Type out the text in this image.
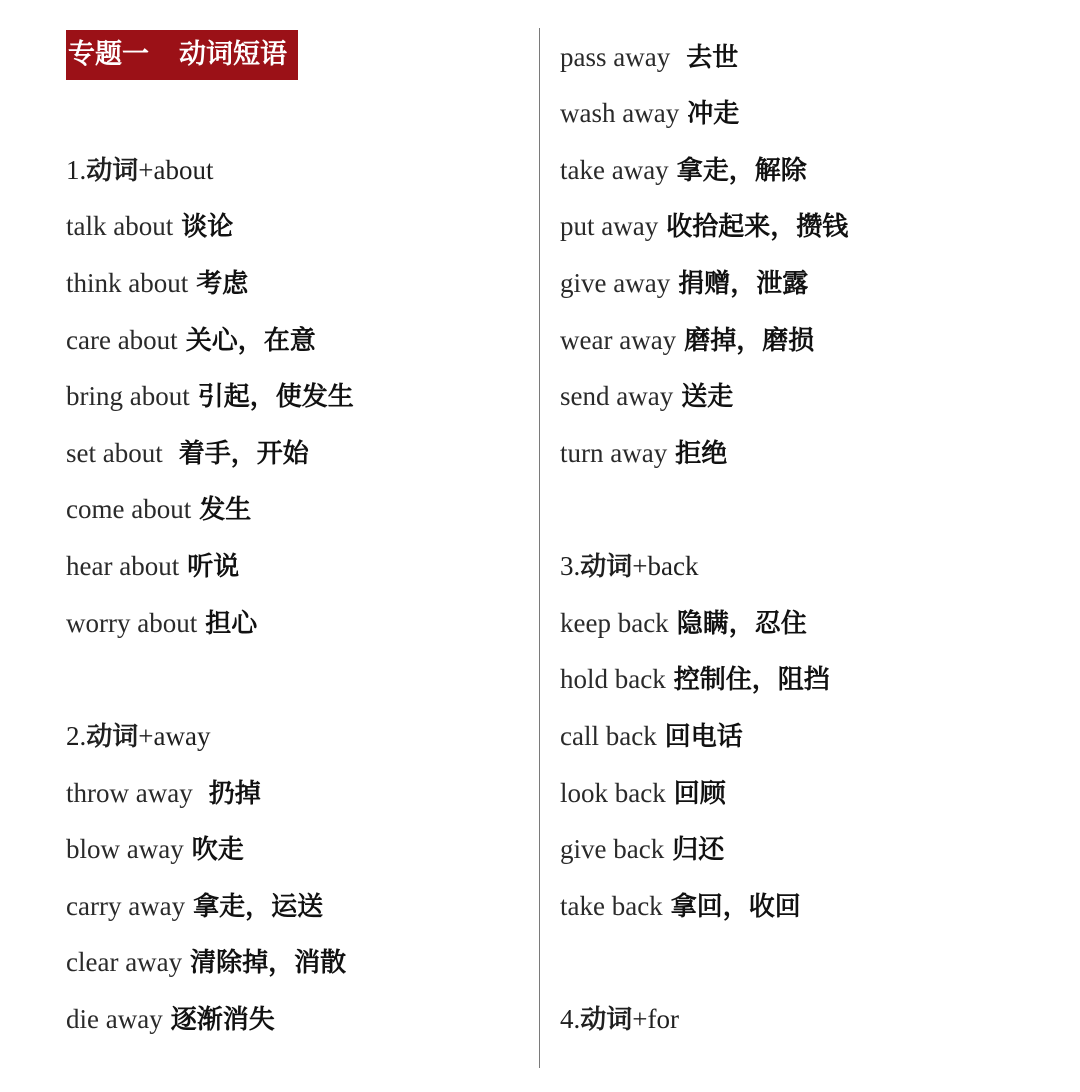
专题一 动词短语
1.动词+about
talk about 谈论
think about 考虑
care about 关心，在意
bring about 引起，使发生
set about 着手，开始
come about 发生
hear about 听说
worry about 担心
2.动词+away
throw away 扔掉
blow away 吹走
carry away 拿走，运送
clear away 清除掉，消散
die away 逐渐消失
pass away 去世
wash away 冲走
take away 拿走，解除
put away 收拾起来，攒钱
give away 捐赠，泄露
wear away 磨掉，磨损
send away 送走
turn away 拒绝
3.动词+back
keep back 隐瞒，忍住
hold back 控制住，阻挡
call back 回电话
look back 回顾
give back 归还
take back 拿回，收回
4.动词+for
